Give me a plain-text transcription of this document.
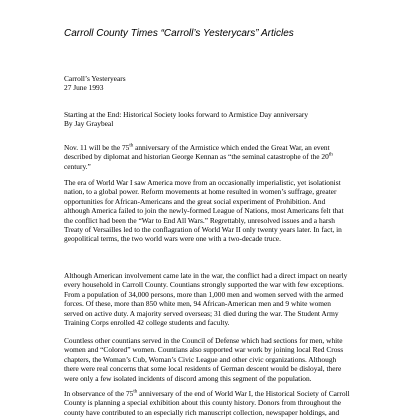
Carroll County Times “Carroll’s Yesterycars” Articles
Carroll’s Yesteryears
27 June 1993
Starting at the End: Historical Society looks forward to Armistice Day anniversary
By Jay Graybeal
Nov. 11 will be the 75th anniversary of the Armistice which ended the Great War, an event
described by diplomat and historian George Kennan as “the seminal catastrophe of the 20th
century.”
The era of World War I saw America move from an occasionally imperialistic, yet isolationist
nation, to a global power. Reform movements at home resulted in women’s suffrage, greater
opportunities for African-Americans and the great social experiment of Prohibition. And
although America failed to join the newly-formed League of Nations, most Americans felt that
the conflict had been the “War to End All Wars.” Regrettably, unresolved issues and a harsh
Treaty of Versailles led to the conflagration of World War II only twenty years later. In fact, in
geopolitical terms, the two world wars were one with a two-decade truce.
Although American involvement came late in the war, the conflict had a direct impact on nearly
every household in Carroll County. Countians strongly supported the war with few exceptions.
From a population of 34,000 persons, more than 1,000 men and women served with the armed
forces. Of these, more than 850 white men, 94 African-American men and 9 white women
served on active duty. A majority served overseas; 31 died during the war. The Student Army
Training Corps enrolled 42 college students and faculty.
Countless other countians served in the Council of Defense which had sections for men, white
women and “Colored” women. Countians also supported war work by joining local Red Cross
chapters, the Woman’s Cub, Woman’s Civic League and other civic organizations. Although
there were real concerns that some local residents of German descent would be disloyal, there
were only a few isolated incidents of discord among this segment of the population.
In observance of the 75th anniversary of the end of World War I, the Historical Society of Carroll
County is planning a special exhibition about this county history. Donors from throughout the
county have contributed to an especially rich manuscript collection, newspaper holdings, and
